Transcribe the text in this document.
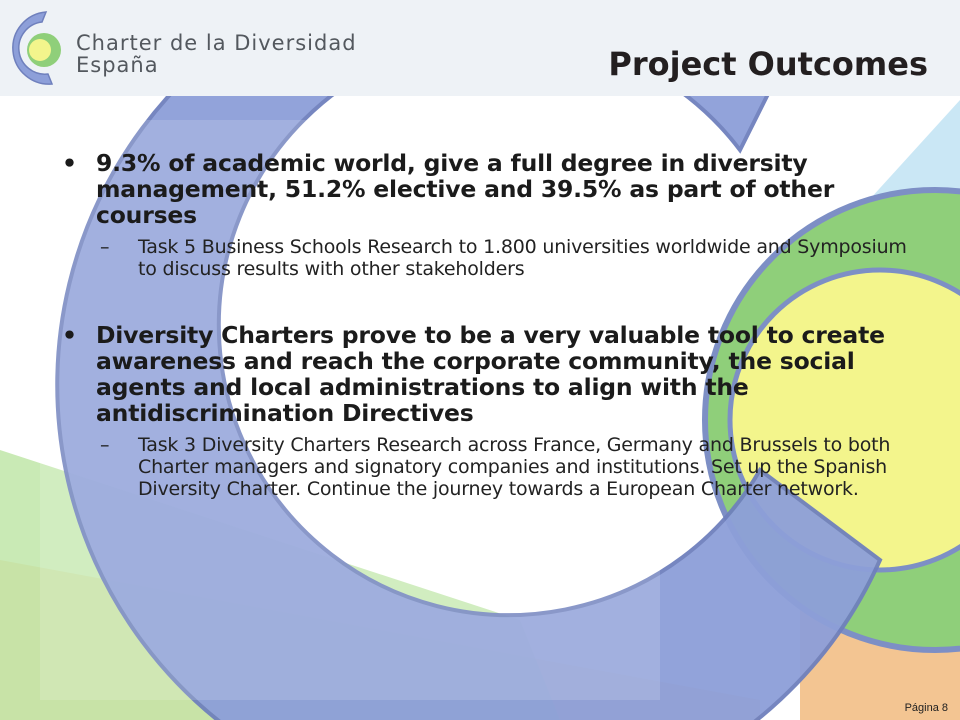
Charter de la Diversidad
España	Project Outcomes
• 9.3% of academic world, give a full degree in diversity management, 51.2% elective and 39.5% as part of other courses
– Task 5 Business Schools Research to 1.800 universities worldwide and Symposium to discuss results with other stakeholders
• Diversity Charters prove to be a very valuable tool to create awareness and reach the corporate community, the social agents and local administrations to align with the antidiscrimination Directives
– Task 3 Diversity Charters Research across France, Germany and Brussels to both Charter managers and signatory companies and institutions. Set up the Spanish Diversity Charter. Continue the journey towards a European Charter network.
Página 8
